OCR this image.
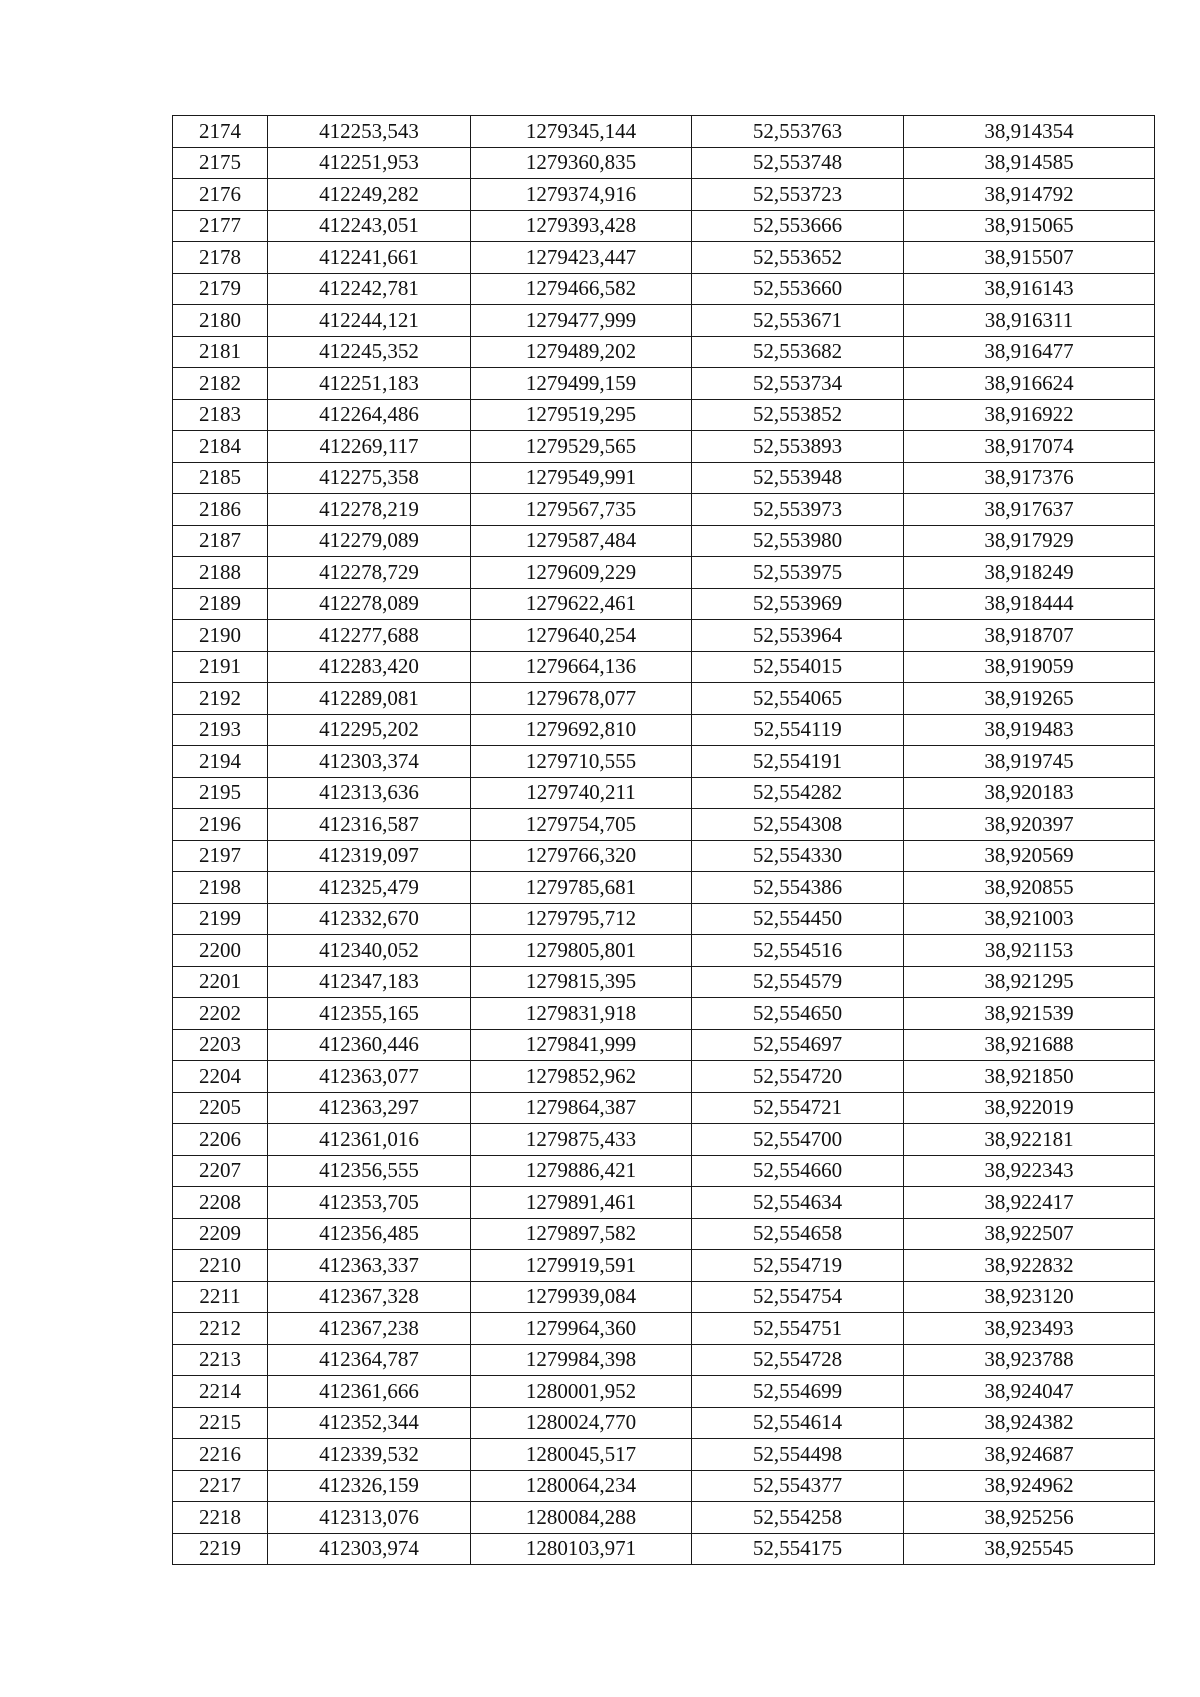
2174	412253,543	1279345,144	52,553763	38,914354
2175	412251,953	1279360,835	52,553748	38,914585
2176	412249,282	1279374,916	52,553723	38,914792
2177	412243,051	1279393,428	52,553666	38,915065
2178	412241,661	1279423,447	52,553652	38,915507
2179	412242,781	1279466,582	52,553660	38,916143
2180	412244,121	1279477,999	52,553671	38,916311
2181	412245,352	1279489,202	52,553682	38,916477
2182	412251,183	1279499,159	52,553734	38,916624
2183	412264,486	1279519,295	52,553852	38,916922
2184	412269,117	1279529,565	52,553893	38,917074
2185	412275,358	1279549,991	52,553948	38,917376
2186	412278,219	1279567,735	52,553973	38,917637
2187	412279,089	1279587,484	52,553980	38,917929
2188	412278,729	1279609,229	52,553975	38,918249
2189	412278,089	1279622,461	52,553969	38,918444
2190	412277,688	1279640,254	52,553964	38,918707
2191	412283,420	1279664,136	52,554015	38,919059
2192	412289,081	1279678,077	52,554065	38,919265
2193	412295,202	1279692,810	52,554119	38,919483
2194	412303,374	1279710,555	52,554191	38,919745
2195	412313,636	1279740,211	52,554282	38,920183
2196	412316,587	1279754,705	52,554308	38,920397
2197	412319,097	1279766,320	52,554330	38,920569
2198	412325,479	1279785,681	52,554386	38,920855
2199	412332,670	1279795,712	52,554450	38,921003
2200	412340,052	1279805,801	52,554516	38,921153
2201	412347,183	1279815,395	52,554579	38,921295
2202	412355,165	1279831,918	52,554650	38,921539
2203	412360,446	1279841,999	52,554697	38,921688
2204	412363,077	1279852,962	52,554720	38,921850
2205	412363,297	1279864,387	52,554721	38,922019
2206	412361,016	1279875,433	52,554700	38,922181
2207	412356,555	1279886,421	52,554660	38,922343
2208	412353,705	1279891,461	52,554634	38,922417
2209	412356,485	1279897,582	52,554658	38,922507
2210	412363,337	1279919,591	52,554719	38,922832
2211	412367,328	1279939,084	52,554754	38,923120
2212	412367,238	1279964,360	52,554751	38,923493
2213	412364,787	1279984,398	52,554728	38,923788
2214	412361,666	1280001,952	52,554699	38,924047
2215	412352,344	1280024,770	52,554614	38,924382
2216	412339,532	1280045,517	52,554498	38,924687
2217	412326,159	1280064,234	52,554377	38,924962
2218	412313,076	1280084,288	52,554258	38,925256
2219	412303,974	1280103,971	52,554175	38,925545
